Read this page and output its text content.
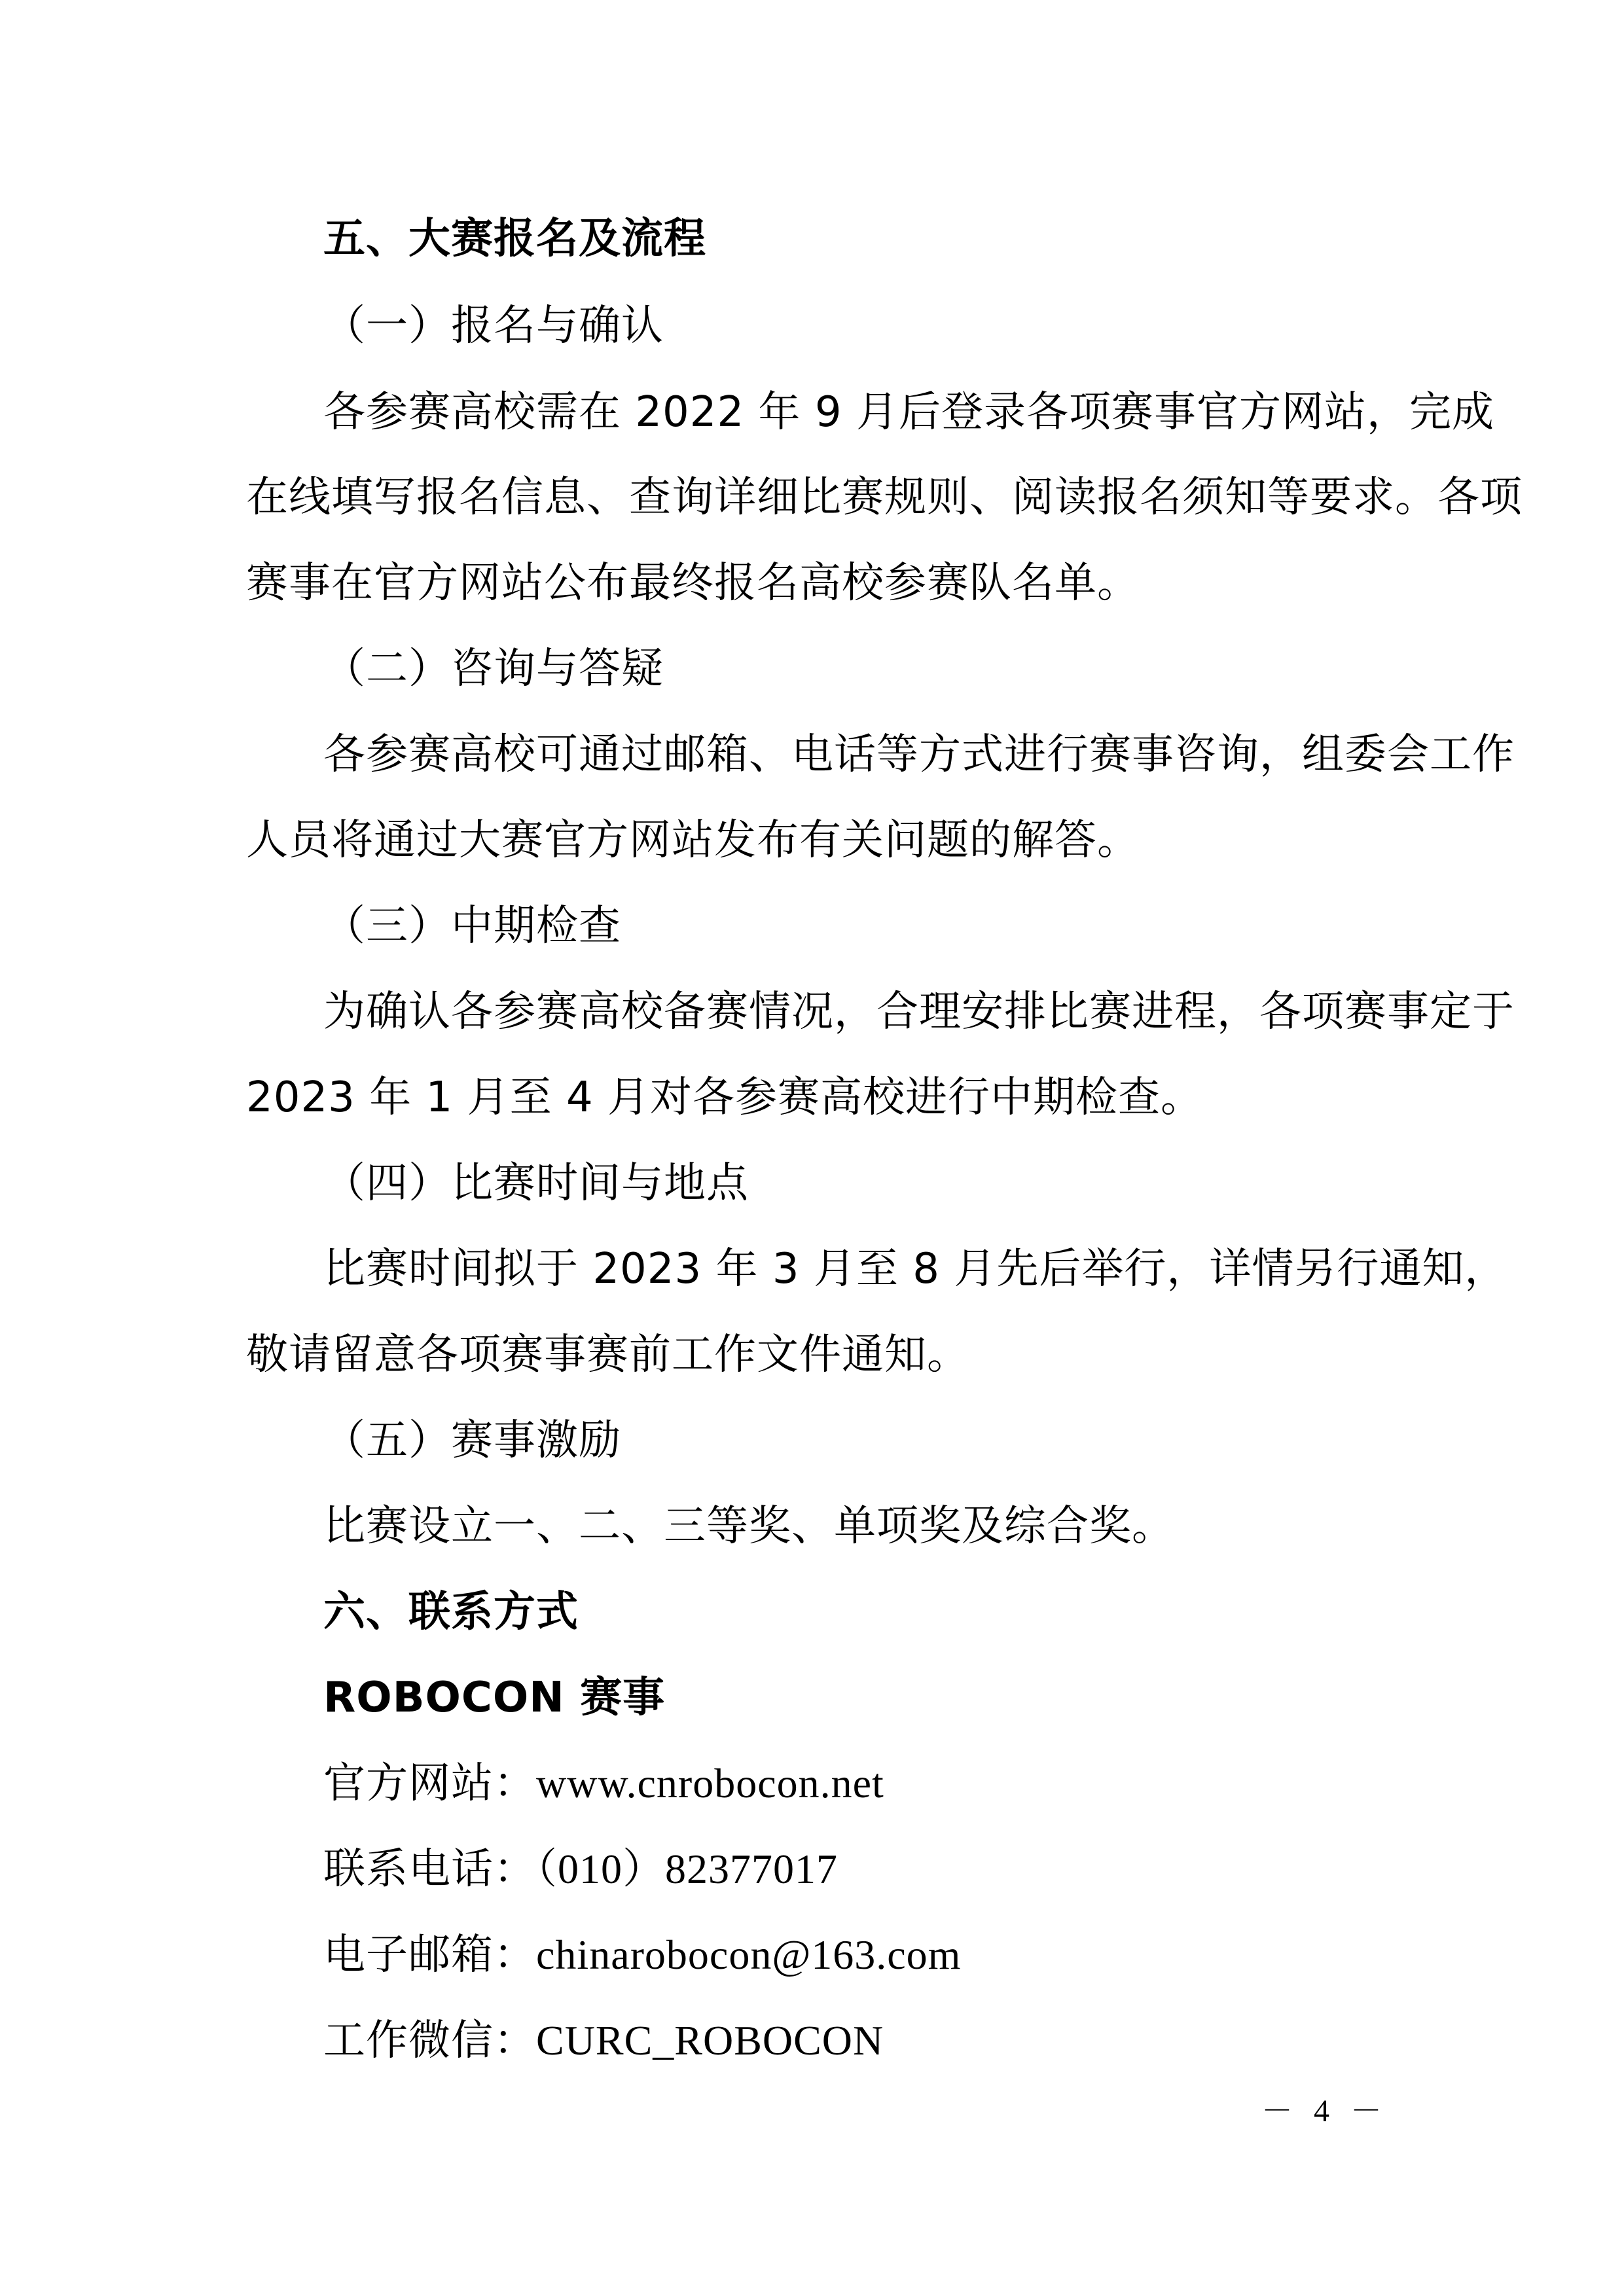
五、大赛报名及流程
（一）报名与确认
各参赛高校需在 2022 年 9 月后登录各项赛事官方网站，完成
在线填写报名信息、查询详细比赛规则、阅读报名须知等要求。各项
赛事在官方网站公布最终报名高校参赛队名单。
（二）咨询与答疑
各参赛高校可通过邮箱、电话等方式进行赛事咨询，组委会工作
人员将通过大赛官方网站发布有关问题的解答。
（三）中期检查
为确认各参赛高校备赛情况，合理安排比赛进程，各项赛事定于
2023 年 1 月至 4 月对各参赛高校进行中期检查。
（四）比赛时间与地点
比赛时间拟于 2023 年 3 月至 8 月先后举行，详情另行通知，
敬请留意各项赛事赛前工作文件通知。
（五）赛事激励
比赛设立一、二、三等奖、单项奖及综合奖。
六、联系方式
ROBOCON 赛事
官方网站：www.cnrobocon.net
联系电话：（010）82377017
电子邮箱：chinarobocon@163.com
工作微信：CURC_ROBOCON
－ 4 －
